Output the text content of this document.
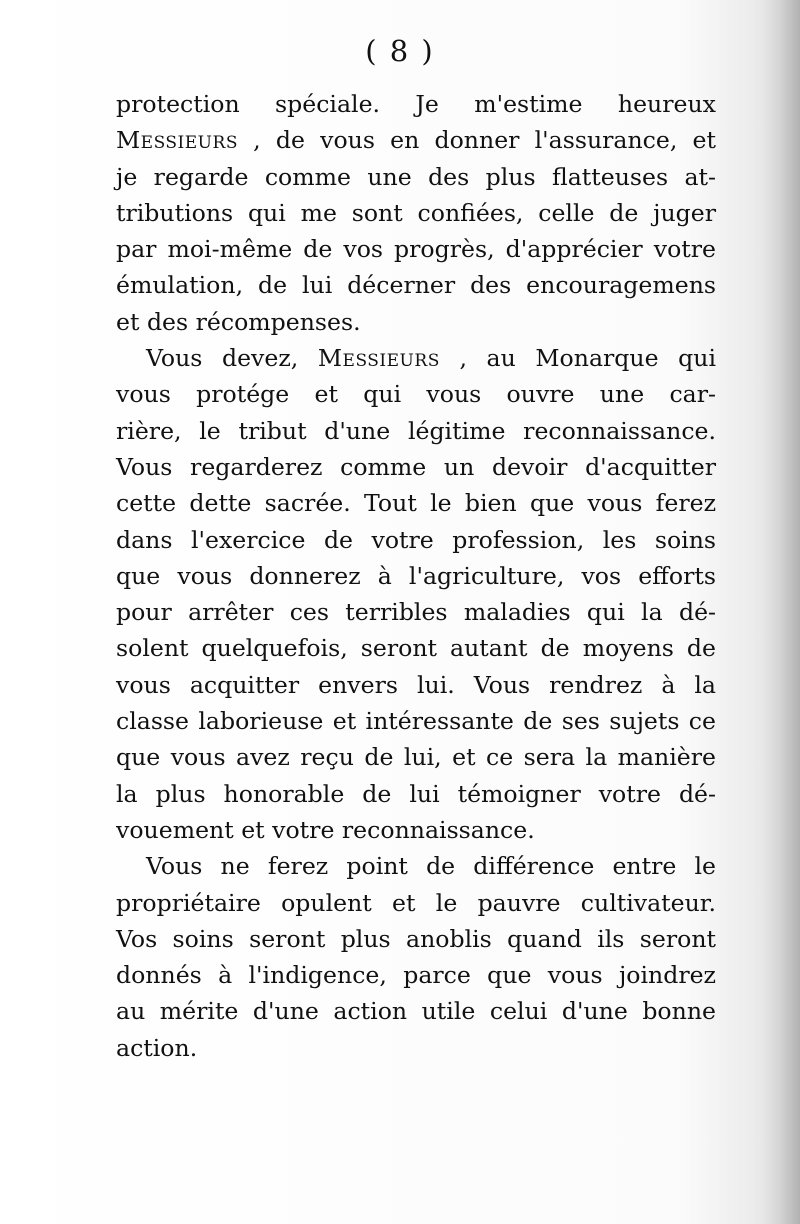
( 8 )

protection spéciale. Je m'estime heureux
Messieurs , de vous en donner l'assurance, et
je regarde comme une des plus flatteuses at-
tributions qui me sont confiées, celle de juger
par moi-même de vos progrès, d'apprécier votre
émulation, de lui décerner des encouragemens
et des récompenses.

Vous devez, Messieurs , au Monarque qui
vous protége et qui vous ouvre une car-
rière, le tribut d'une légitime reconnaissance.
Vous regarderez comme un devoir d'acquitter
cette dette sacrée. Tout le bien que vous ferez
dans l'exercice de votre profession, les soins
que vous donnerez à l'agriculture, vos efforts
pour arrêter ces terribles maladies qui la dé-
solent quelquefois, seront autant de moyens de
vous acquitter envers lui. Vous rendrez à la
classe laborieuse et intéressante de ses sujets ce
que vous avez reçu de lui, et ce sera la manière
la plus honorable de lui témoigner votre dé-
vouement et votre reconnaissance.

Vous ne ferez point de différence entre le
propriétaire opulent et le pauvre cultivateur.
Vos soins seront plus anoblis quand ils seront
donnés à l'indigence, parce que vous joindrez
au mérite d'une action utile celui d'une bonne
action.
